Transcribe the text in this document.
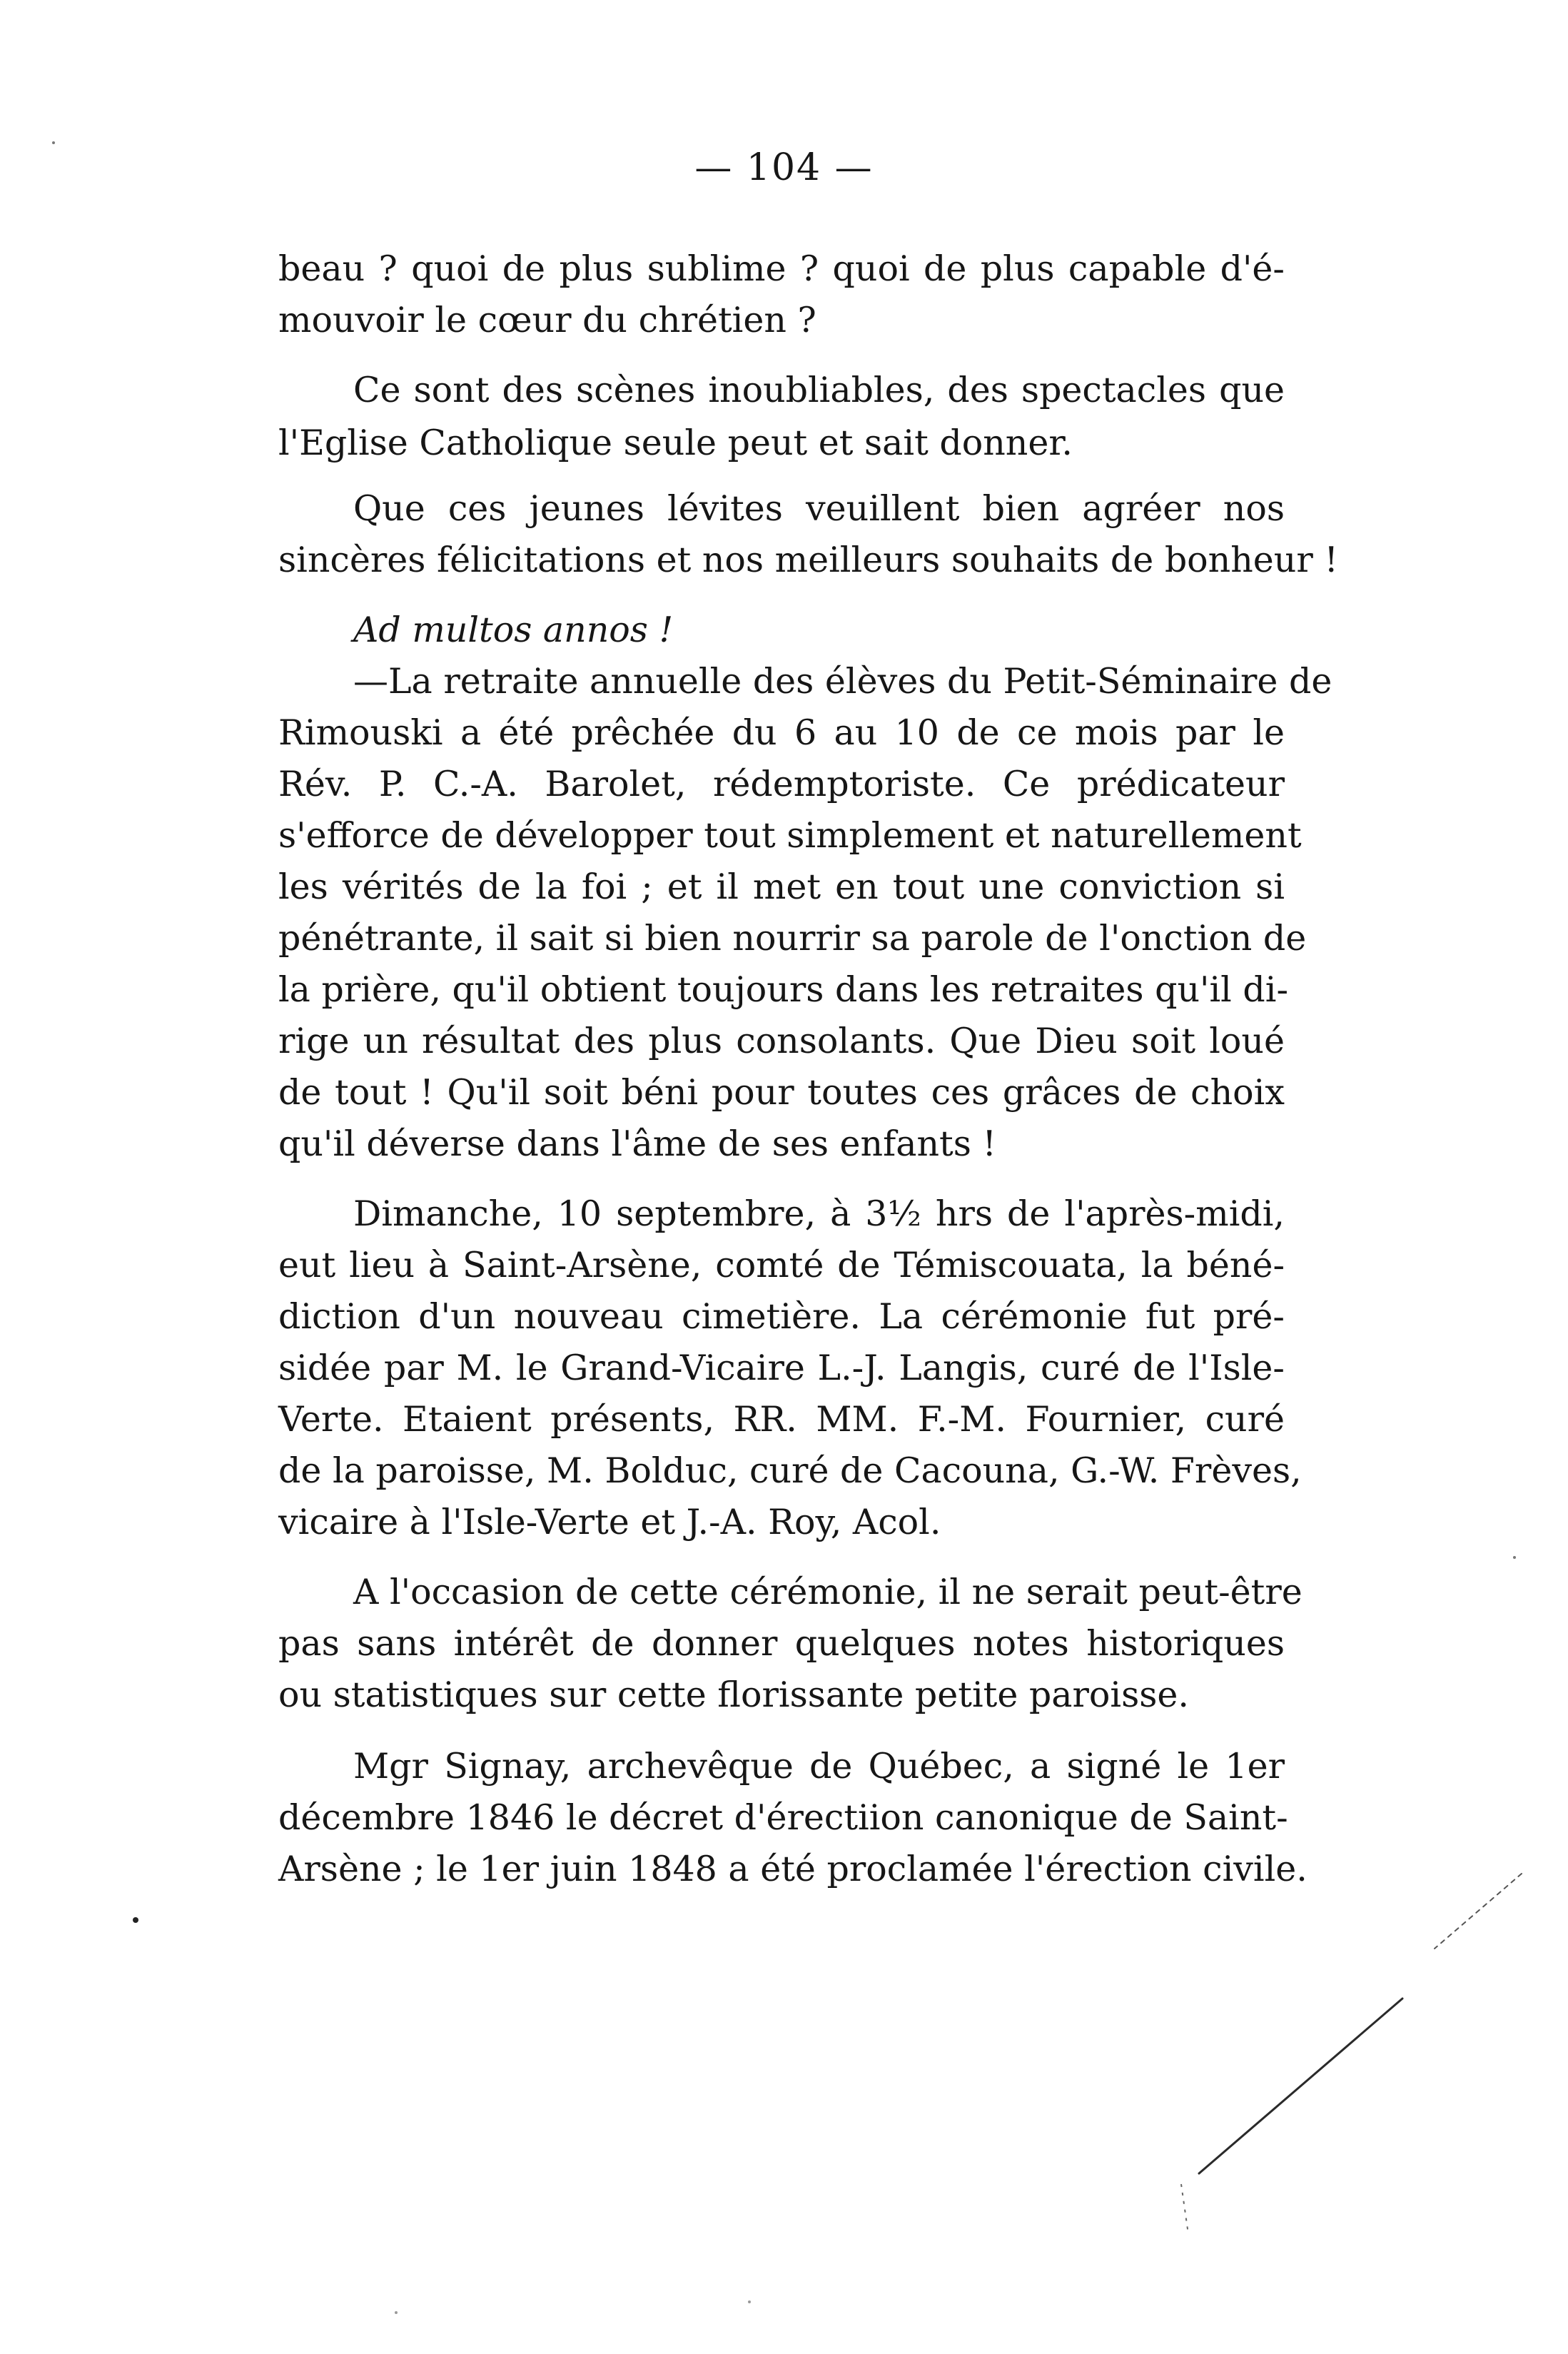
— 104 —
beau ? quoi de plus sublime ? quoi de plus capable d'é-
mouvoir le cœur du chrétien ?
Ce sont des scènes inoubliables, des spectacles que
l'Eglise Catholique seule peut et sait donner.
Que ces jeunes lévites veuillent bien agréer nos
sincères félicitations et nos meilleurs souhaits de bonheur !
Ad multos annos !
—La retraite annuelle des élèves du Petit-Séminaire de
Rimouski a été prêchée du 6 au 10 de ce mois par le
Rév. P. C.-A. Barolet, rédemptoriste. Ce prédicateur
s'efforce de développer tout simplement et naturellement
les vérités de la foi ; et il met en tout une conviction si
pénétrante, il sait si bien nourrir sa parole de l'onction de
la prière, qu'il obtient toujours dans les retraites qu'il di-
rige un résultat des plus consolants. Que Dieu soit loué
de tout ! Qu'il soit béni pour toutes ces grâces de choix
qu'il déverse dans l'âme de ses enfants !
Dimanche, 10 septembre, à 3½ hrs de l'après-midi,
eut lieu à Saint-Arsène, comté de Témiscouata, la béné-
diction d'un nouveau cimetière. La cérémonie fut pré-
sidée par M. le Grand-Vicaire L.-J. Langis, curé de l'Isle-
Verte. Etaient présents, RR. MM. F.-M. Fournier, curé
de la paroisse, M. Bolduc, curé de Cacouna, G.-W. Frèves,
vicaire à l'Isle-Verte et J.-A. Roy, Acol.
A l'occasion de cette cérémonie, il ne serait peut-être
pas sans intérêt de donner quelques notes historiques
ou statistiques sur cette florissante petite paroisse.
Mgr Signay, archevêque de Québec, a signé le 1er
décembre 1846 le décret d'érectiion canonique de Saint-
Arsène ; le 1er juin 1848 a été proclamée l'érection civile.
